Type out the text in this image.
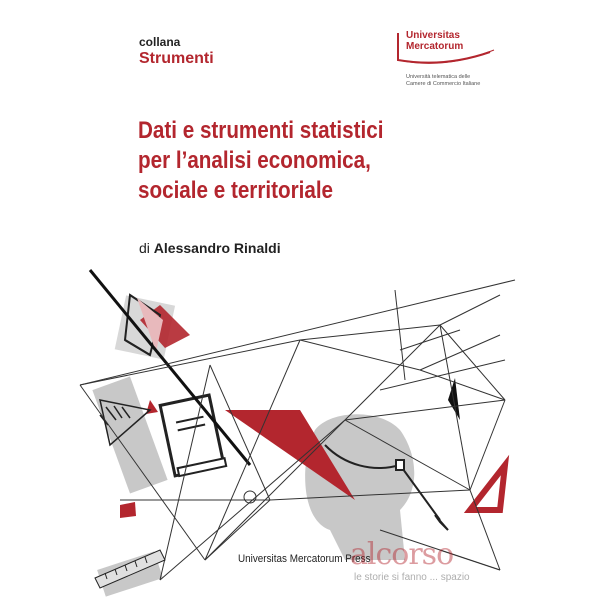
collana
Strumenti
Universitas
Mercatorum
Università telematica delle
Camere di Commercio Italiane
Dati e strumenti statistici
per l’analisi economica,
sociale e territoriale
di Alessandro Rinaldi
Universitas Mercatorum Press
alcorso
le storie si fanno ... spazio
